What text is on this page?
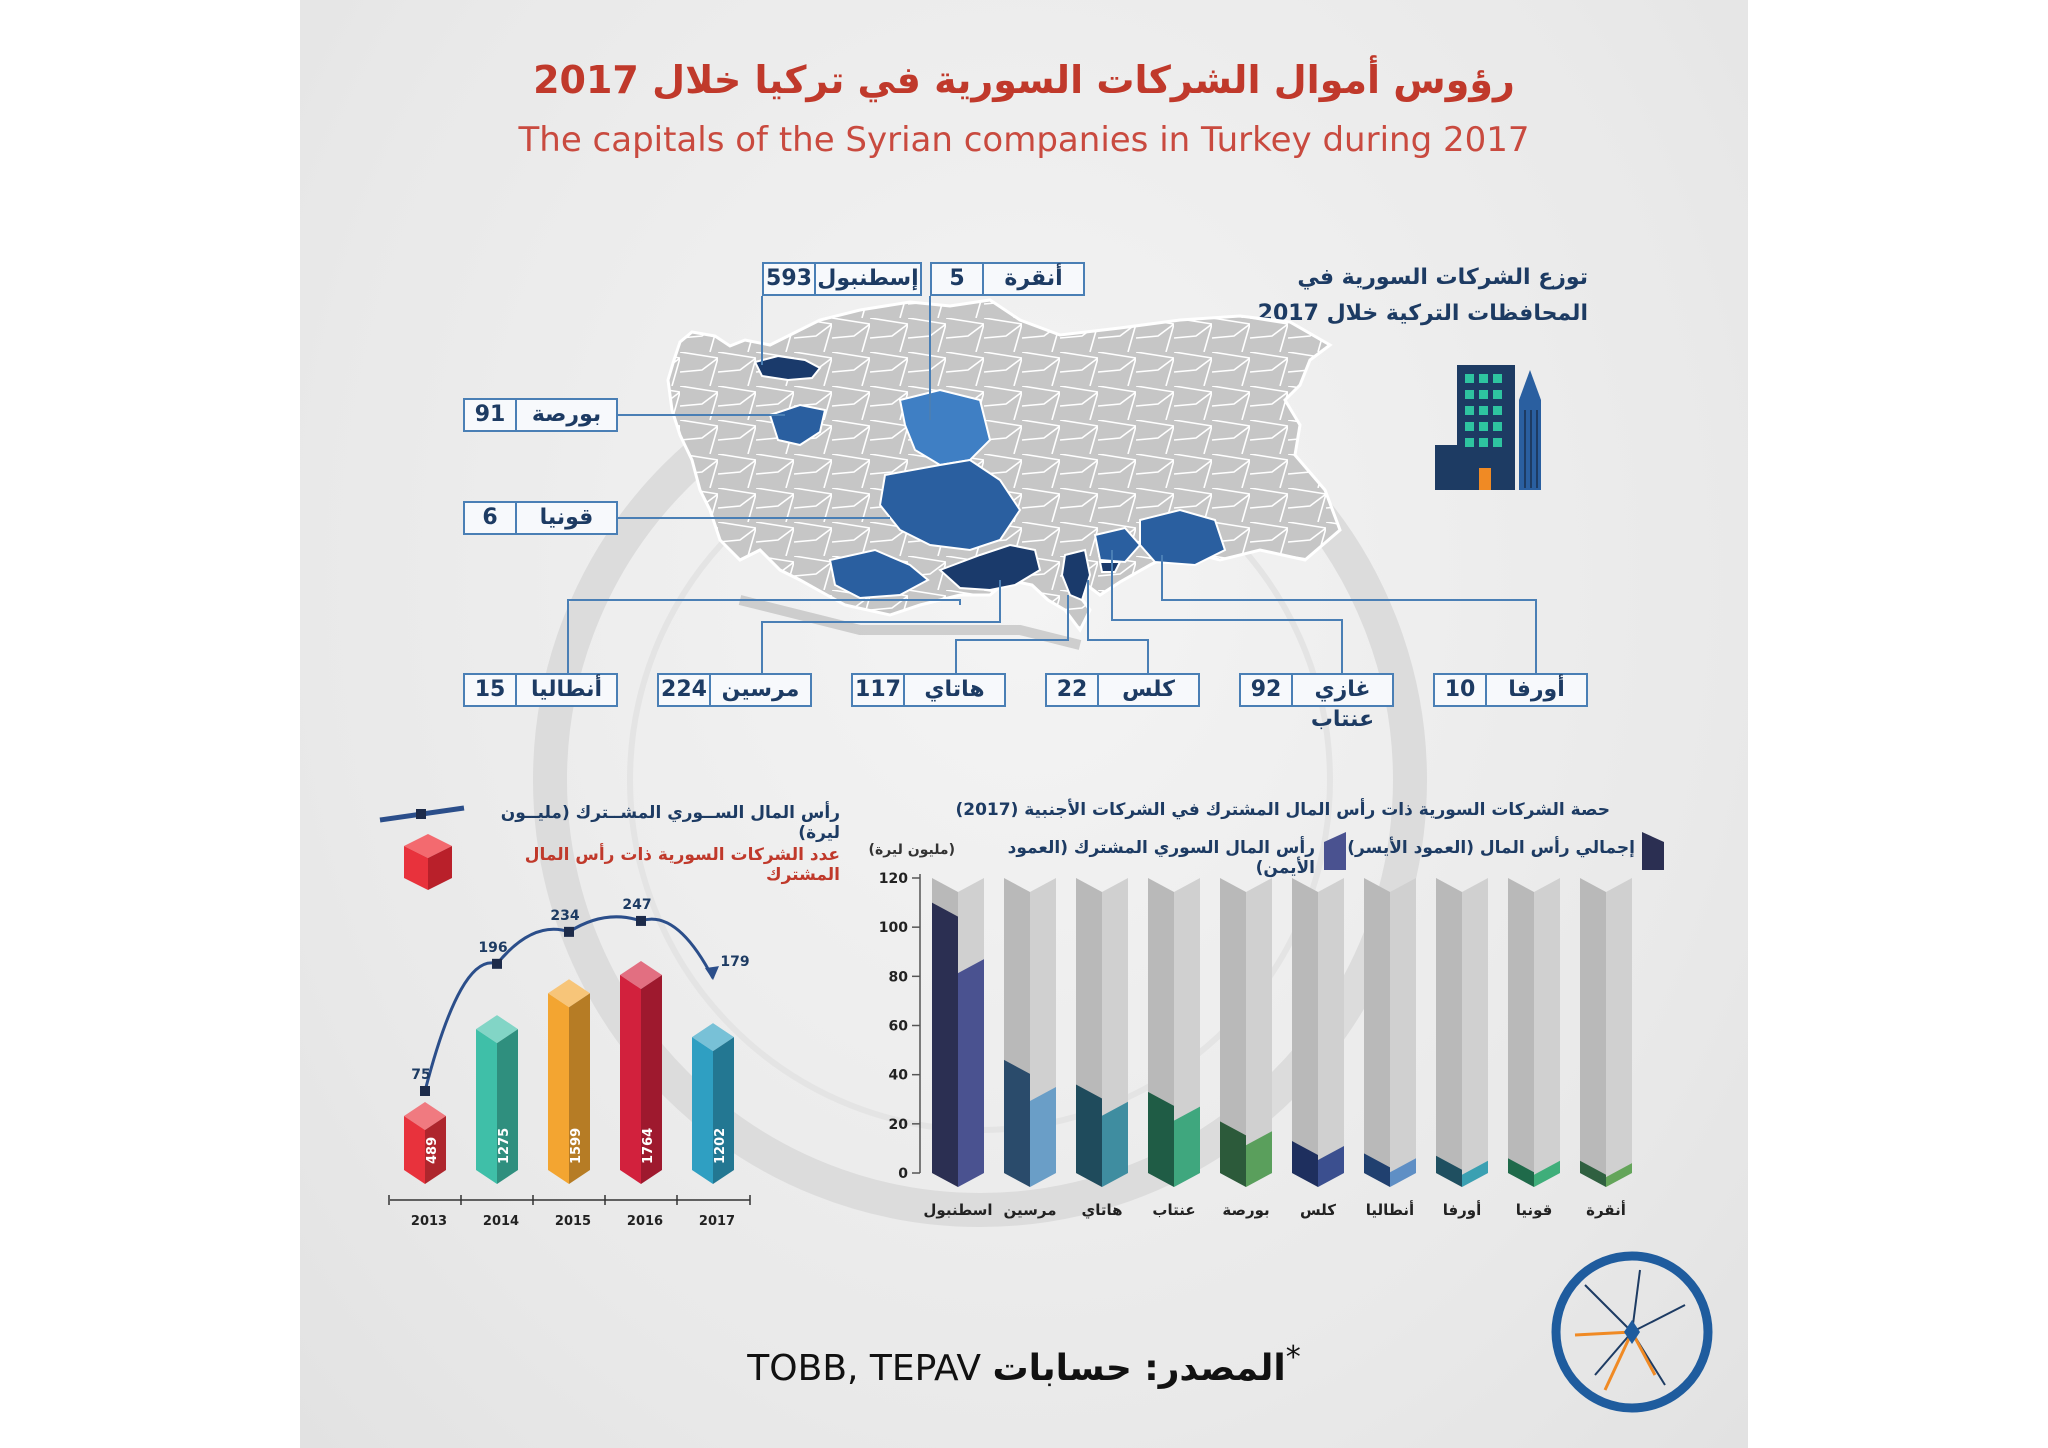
رؤوس أموال الشركات السورية في تركيا خلال 2017
The capitals of the Syrian companies in Turkey during 2017
توزع الشركات السورية في
المحافظات التركية خلال 2017
593 إسطنبول	5	أنقرة
91	بورصة
6	قونيا
15	أنطاليا	224 مرسين	117	هاتاي	22	كلس	92	غازي عنتاب
10	أورفا
رأس المال الســوري المشــترك (مليــون ليرة)
عدد الشركات السورية ذات رأس المال المشترك
2013	2014	2015	2016	2017
489	1275	1599	1764	1202
75
196
234
247
179
حصة الشركات السورية ذات رأس المال المشترك في الشركات الأجنبية (2017)
إجمالي رأس المال (العمود الأيسر)
رأس المال السوري المشترك (العمود الأيمن)
(مليون ليرة)
0
20
40
60
80
100
120
اسطنبول مرسين هاتاي عنتاب بورصة كلس أنطاليا أورفا قونيا أنقرة
TOBB, TEPAV المصدر: حسابات*
